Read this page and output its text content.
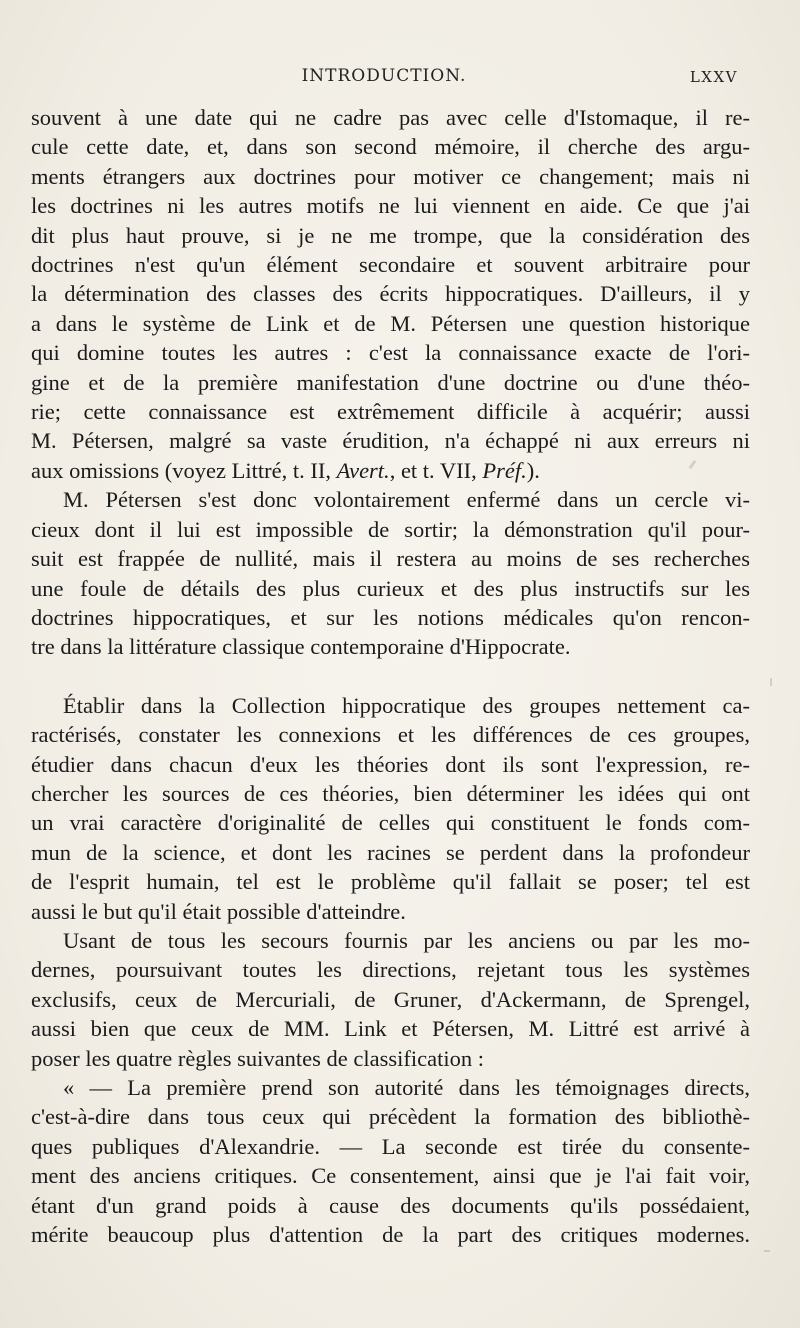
INTRODUCTION.	LXXV
souvent à une date qui ne cadre pas avec celle d'Istomaque, il re-
cule cette date, et, dans son second mémoire, il cherche des argu-
ments étrangers aux doctrines pour motiver ce changement; mais ni
les doctrines ni les autres motifs ne lui viennent en aide. Ce que j'ai
dit plus haut prouve, si je ne me trompe, que la considération des
doctrines n'est qu'un élément secondaire et souvent arbitraire pour
la détermination des classes des écrits hippocratiques. D'ailleurs, il y
a dans le système de Link et de M. Pétersen une question historique
qui domine toutes les autres : c'est la connaissance exacte de l'ori-
gine et de la première manifestation d'une doctrine ou d'une théo-
rie; cette connaissance est extrêmement difficile à acquérir; aussi
M. Pétersen, malgré sa vaste érudition, n'a échappé ni aux erreurs ni
aux omissions (voyez Littré, t. II, Avert., et t. VII, Préf.).
M. Pétersen s'est donc volontairement enfermé dans un cercle vi-
cieux dont il lui est impossible de sortir; la démonstration qu'il pour-
suit est frappée de nullité, mais il restera au moins de ses recherches
une foule de détails des plus curieux et des plus instructifs sur les
doctrines hippocratiques, et sur les notions médicales qu'on rencon-
tre dans la littérature classique contemporaine d'Hippocrate.
Établir dans la Collection hippocratique des groupes nettement ca-
ractérisés, constater les connexions et les différences de ces groupes,
étudier dans chacun d'eux les théories dont ils sont l'expression, re-
chercher les sources de ces théories, bien déterminer les idées qui ont
un vrai caractère d'originalité de celles qui constituent le fonds com-
mun de la science, et dont les racines se perdent dans la profondeur
de l'esprit humain, tel est le problème qu'il fallait se poser; tel est
aussi le but qu'il était possible d'atteindre.
Usant de tous les secours fournis par les anciens ou par les mo-
dernes, poursuivant toutes les directions, rejetant tous les systèmes
exclusifs, ceux de Mercuriali, de Gruner, d'Ackermann, de Sprengel,
aussi bien que ceux de MM. Link et Pétersen, M. Littré est arrivé à
poser les quatre règles suivantes de classification :
« — La première prend son autorité dans les témoignages directs,
c'est-à-dire dans tous ceux qui précèdent la formation des bibliothè-
ques publiques d'Alexandrie. — La seconde est tirée du consente-
ment des anciens critiques. Ce consentement, ainsi que je l'ai fait voir,
étant d'un grand poids à cause des documents qu'ils possédaient,
mérite beaucoup plus d'attention de la part des critiques modernes.
